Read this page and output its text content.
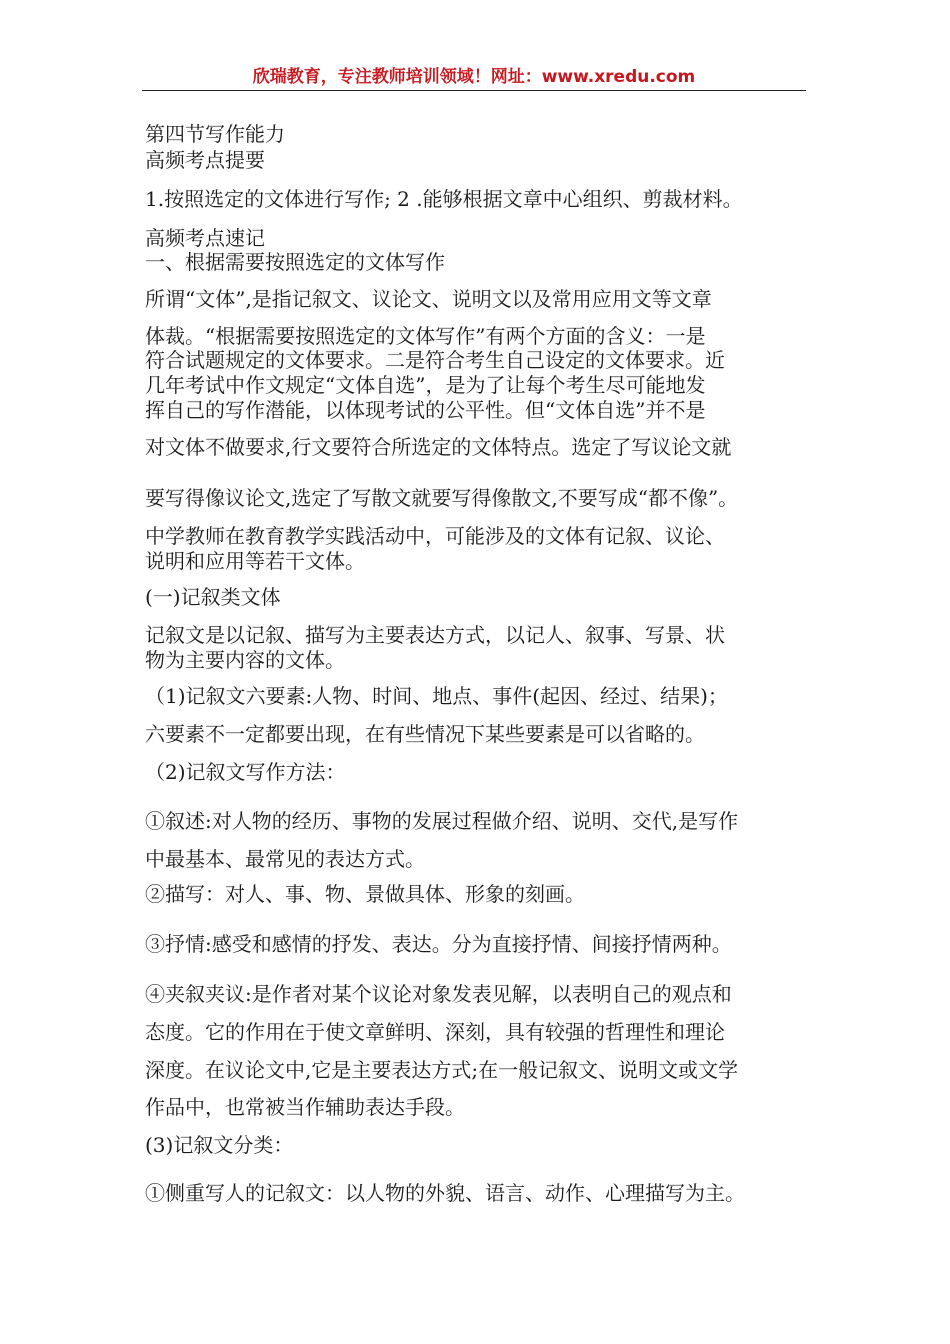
欣瑞教育，专注教师培训领域！网址：www.xredu.com
第四节写作能力
高频考点提要
1.按照选定的文体进行写作; 2 .能够根据文章中心组织、剪裁材料。
高频考点速记
一、根据需要按照选定的文体写作
所谓“文体”,是指记叙文、议论文、说明文以及常用应用文等文章
体裁。“根据需要按照选定的文体写作”有两个方面的含义：一是
符合试题规定的文体要求。二是符合考生自己设定的文体要求。近
几年考试中作文规定“文体自选”，是为了让每个考生尽可能地发
挥自己的写作潜能，以体现考试的公平性。但“文体自选”并不是
对文体不做要求,行文要符合所选定的文体特点。选定了写议论文就
要写得像议论文,选定了写散文就要写得像散文,不要写成“都不像”。
中学教师在教育教学实践活动中，可能涉及的文体有记叙、议论、
说明和应用等若干文体。
(一)记叙类文体
记叙文是以记叙、描写为主要表达方式，以记人、叙事、写景、状
物为主要内容的文体。
（1)记叙文六要素:人物、时间、地点、事件(起因、经过、结果)；
六要素不一定都要出现，在有些情况下某些要素是可以省略的。
（2)记叙文写作方法：
①叙述:对人物的经历、事物的发展过程做介绍、说明、交代,是写作
中最基本、最常见的表达方式。
②描写：对人、事、物、景做具体、形象的刻画。
③抒情:感受和感情的抒发、表达。分为直接抒情、间接抒情两种。
④夹叙夹议:是作者对某个议论对象发表见解，以表明自己的观点和
态度。它的作用在于使文章鲜明、深刻，具有较强的哲理性和理论
深度。在议论文中,它是主要表达方式;在一般记叙文、说明文或文学
作品中，也常被当作辅助表达手段。
(3)记叙文分类：
①侧重写人的记叙文：以人物的外貌、语言、动作、心理描写为主。
